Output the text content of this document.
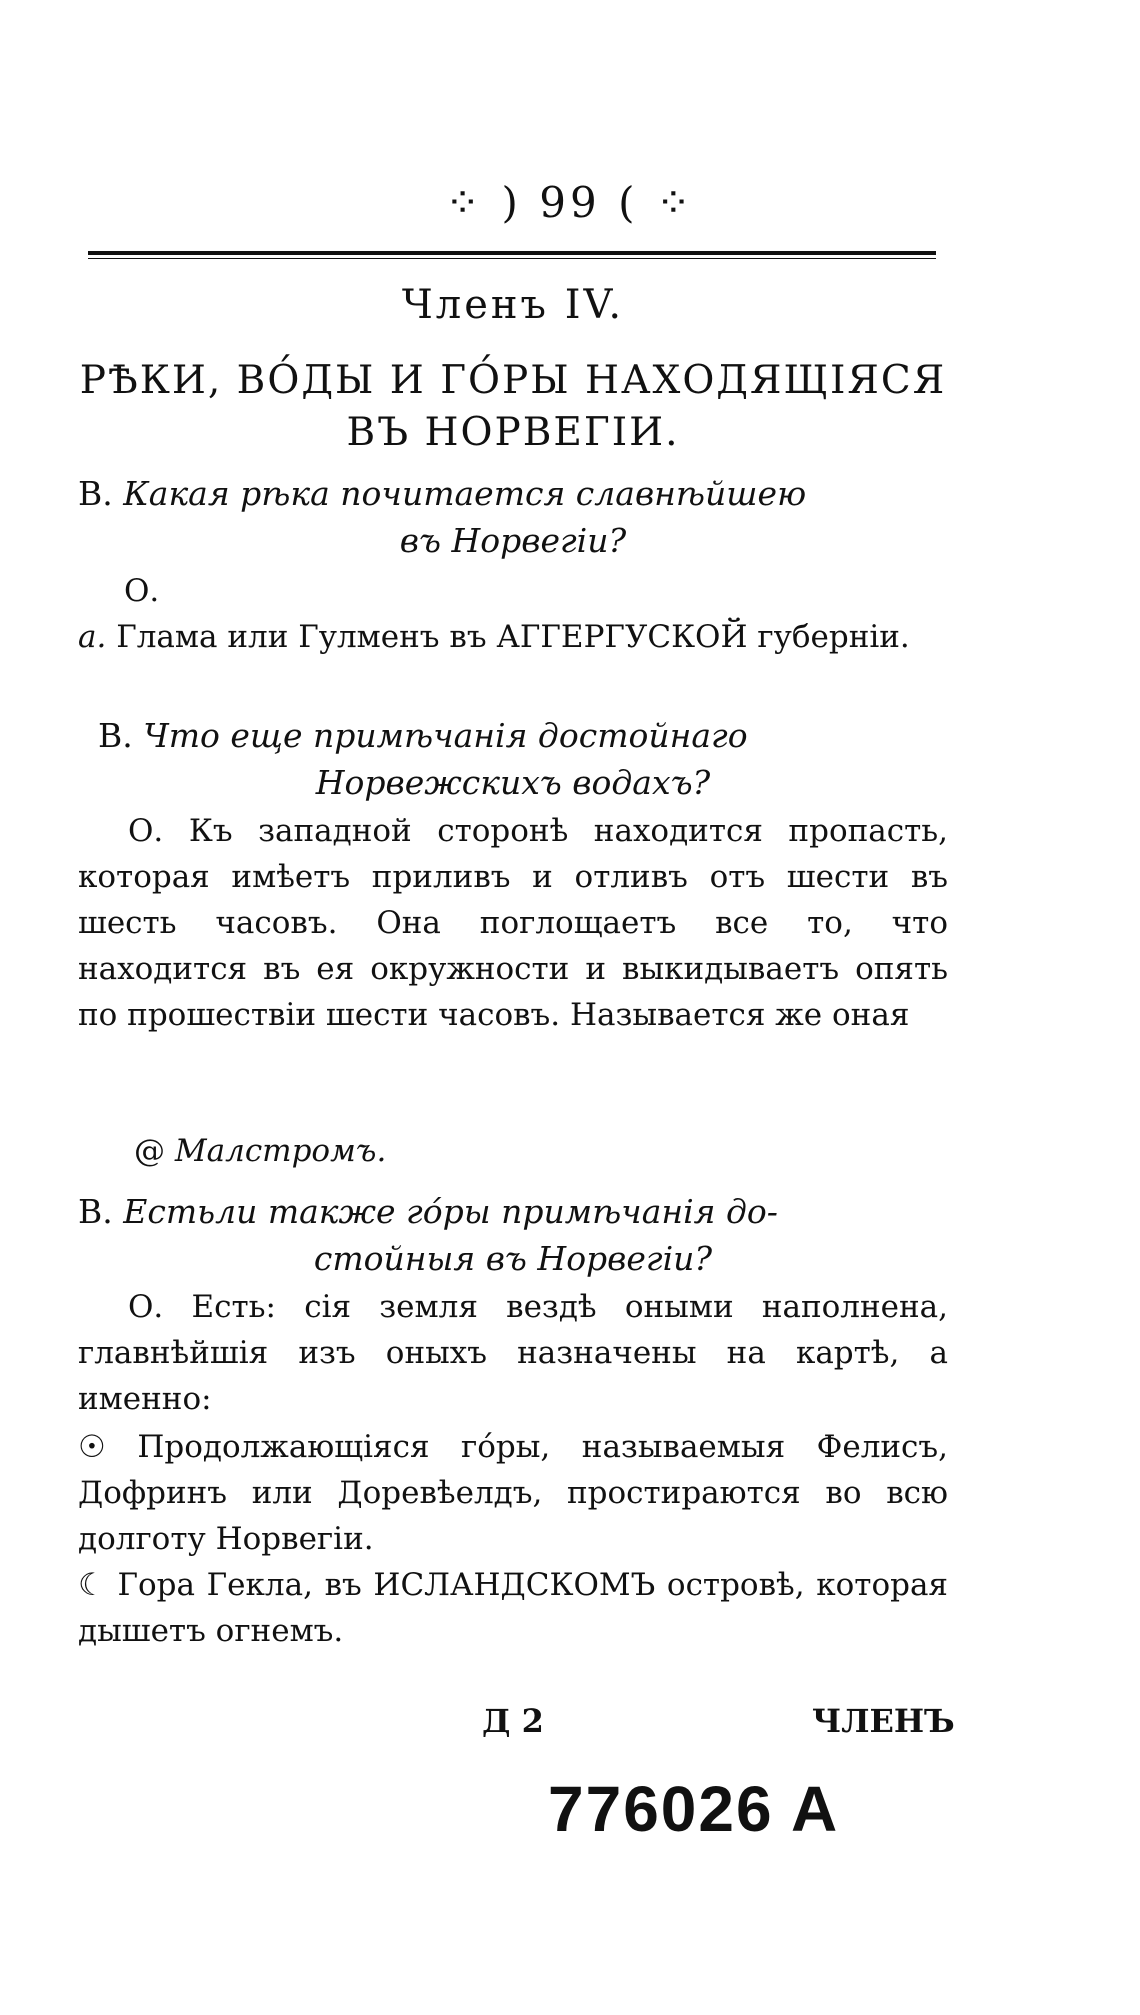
⁘ ) 99 ( ⁘
Членъ IV.
РѢКИ, ВО́ДЫ И ГО́РЫ НАХОДЯЩІЯСЯ
ВЪ НОРВЕГІИ.
В. Какая рѣка почитается славнѣйшею
въ Норвегіи?
О.
а. Глама или Гулменъ въ АГГЕРГУСКОЙ губерніи.
В. Что еще примѣчанія достойнаго
Норвежскихъ водахъ?
О. Къ западной сторонѣ находится пропасть, которая имѣетъ приливъ и отливъ отъ шести въ шесть часовъ. Она поглощаетъ все то, что находится въ ея окружности и выкидываетъ опять по прошествіи шести часовъ. Называется же оная
@ Малстромъ.
В. Естьли также го́ры примѣчанія до-
стойныя въ Норвегіи?
О. Есть: сія земля вездѣ оными наполнена, главнѣйшія изъ оныхъ назначены на картѣ, а именно:
☉ Продолжающіяся го́ры, называемыя Фелисъ, Дофринъ или Доревѣелдъ, простираются во всю долготу Норвегіи.
☾ Гора Гекла, въ ИСЛАНДСКОМЪ островѣ, которая дышетъ огнемъ.
Д 2	ЧЛЕНЪ
776026 A
